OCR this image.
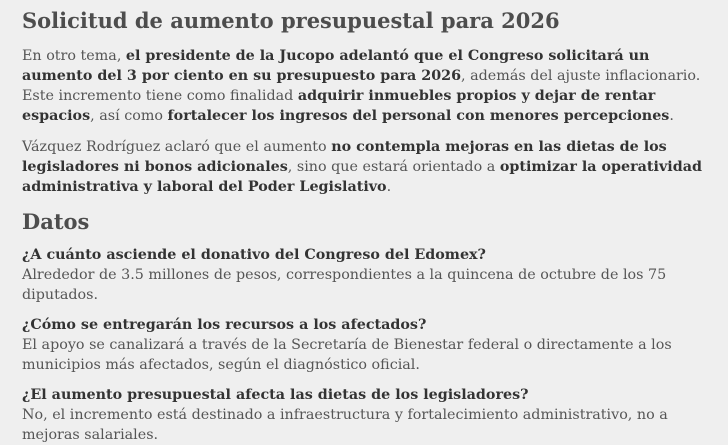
Solicitud de aumento presupuestal para 2026

En otro tema, el presidente de la Jucopo adelantó que el Congreso solicitará un aumento del 3 por ciento en su presupuesto para 2026, además del ajuste inflacionario. Este incremento tiene como finalidad adquirir inmuebles propios y dejar de rentar espacios, así como fortalecer los ingresos del personal con menores percepciones.

Vázquez Rodríguez aclaró que el aumento no contempla mejoras en las dietas de los legisladores ni bonos adicionales, sino que estará orientado a optimizar la operatividad administrativa y laboral del Poder Legislativo.

Datos
¿A cuánto asciende el donativo del Congreso del Edomex?
Alrededor de 3.5 millones de pesos, correspondientes a la quincena de octubre de los 75 diputados.
¿Cómo se entregarán los recursos a los afectados?
El apoyo se canalizará a través de la Secretaría de Bienestar federal o directamente a los municipios más afectados, según el diagnóstico oficial.
¿El aumento presupuestal afecta las dietas de los legisladores?
No, el incremento está destinado a infraestructura y fortalecimiento administrativo, no a mejoras salariales.
